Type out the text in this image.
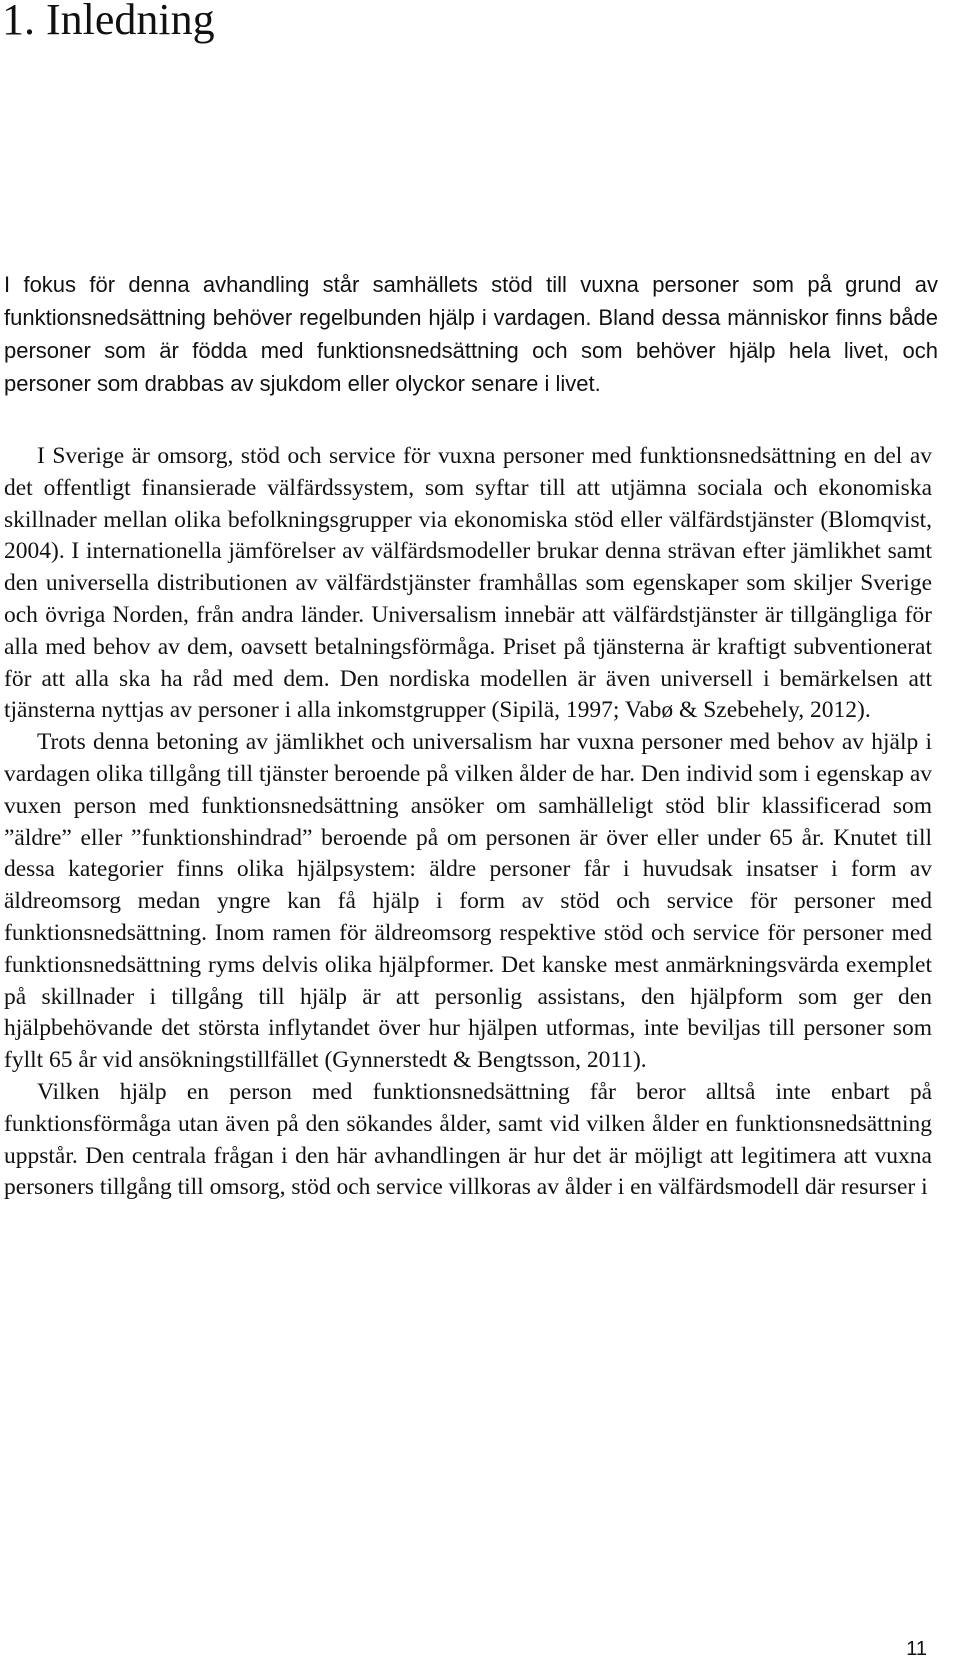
1. Inledning

I fokus för denna avhandling står samhällets stöd till vuxna personer som på grund av funktionsnedsättning behöver regelbunden hjälp i vardagen. Bland dessa människor finns både personer som är födda med funktionsnedsättning och som behöver hjälp hela livet, och personer som drabbas av sjukdom eller olyckor senare i livet.

I Sverige är omsorg, stöd och service för vuxna personer med funktionsnedsättning en del av det offentligt finansierade välfärdssystem, som syftar till att utjämna sociala och ekonomiska skillnader mellan olika befolkningsgrupper via ekonomiska stöd eller välfärdstjänster (Blomqvist, 2004). I internationella jämförelser av välfärdsmodeller brukar denna strävan efter jämlikhet samt den universella distributionen av välfärdstjänster framhållas som egenskaper som skiljer Sverige och övriga Norden, från andra länder. Universalism innebär att välfärdstjänster är tillgängliga för alla med behov av dem, oavsett betalningsförmåga. Priset på tjänsterna är kraftigt subventionerat för att alla ska ha råd med dem. Den nordiska modellen är även universell i bemärkelsen att tjänsterna nyttjas av personer i alla inkomstgrupper (Sipilä, 1997; Vabø & Szebehely, 2012).

Trots denna betoning av jämlikhet och universalism har vuxna personer med behov av hjälp i vardagen olika tillgång till tjänster beroende på vilken ålder de har. Den individ som i egenskap av vuxen person med funktionsnedsättning ansöker om samhälleligt stöd blir klassificerad som ”äldre” eller ”funktionshindrad” beroende på om personen är över eller under 65 år. Knutet till dessa kategorier finns olika hjälpsystem: äldre personer får i huvudsak insatser i form av äldreomsorg medan yngre kan få hjälp i form av stöd och service för personer med funktionsnedsättning. Inom ramen för äldreomsorg respektive stöd och service för personer med funktionsnedsättning ryms delvis olika hjälpformer. Det kanske mest anmärkningsvärda exemplet på skillnader i tillgång till hjälp är att personlig assistans, den hjälpform som ger den hjälpbehövande det största inflytandet över hur hjälpen utformas, inte beviljas till personer som fyllt 65 år vid ansökningstillfället (Gynnerstedt & Bengtsson, 2011).

Vilken hjälp en person med funktionsnedsättning får beror alltså inte enbart på funktionsförmåga utan även på den sökandes ålder, samt vid vilken ålder en funktionsnedsättning uppstår. Den centrala frågan i den här avhandlingen är hur det är möjligt att legitimera att vuxna personers tillgång till omsorg, stöd och service villkoras av ålder i en välfärdsmodell där resurser i

11
